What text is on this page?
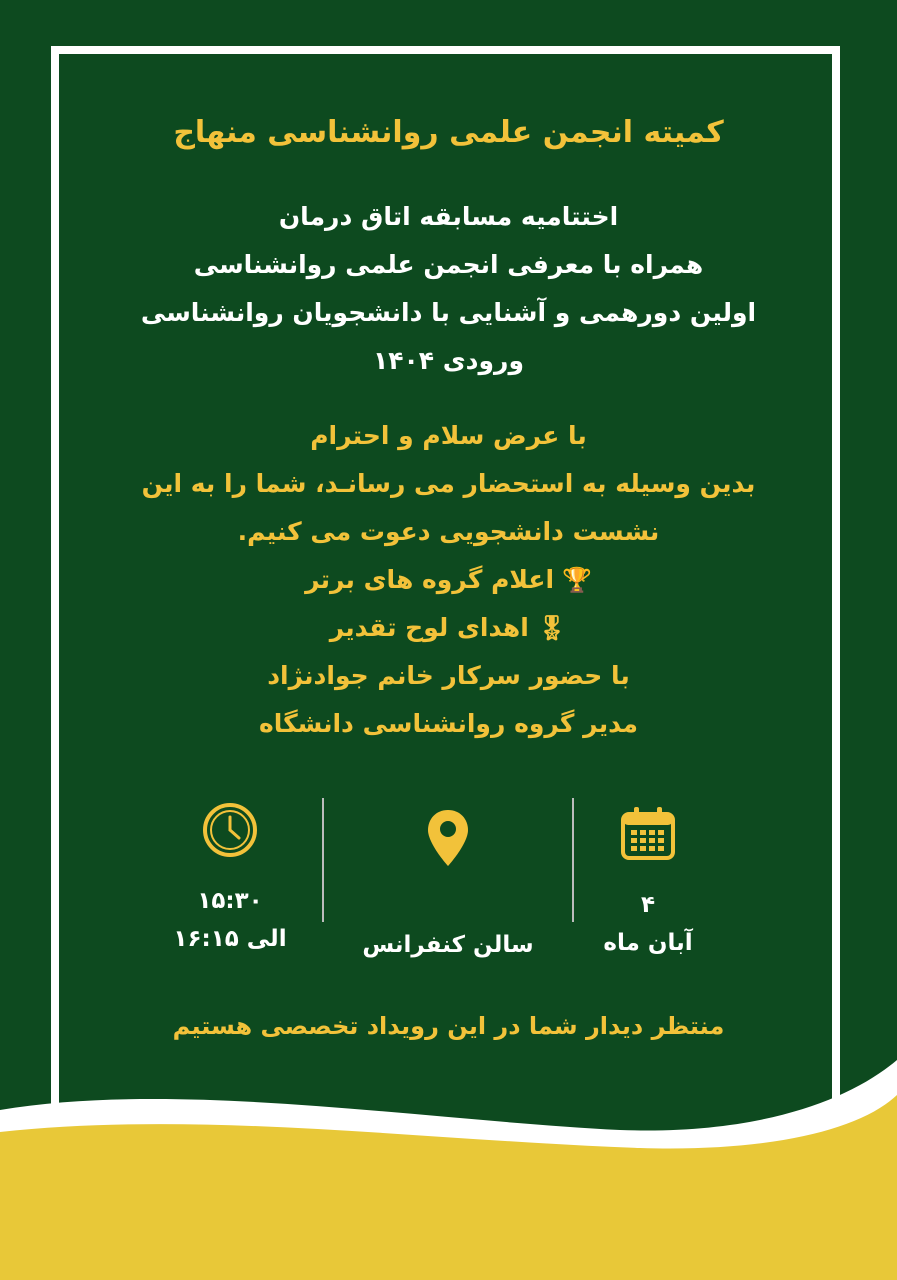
کمیته انجمن علمی روانشناسی منهاج
اختتامیه مسابقه اتاق درمان
همراه با معرفی انجمن علمی روانشناسی
اولین دورهمی و آشنایی با دانشجویان روانشناسی
ورودی ۱۴۰۴
با عرض سلام و احترام
بدین وسیله به استحضار می رسانـد، شما را به این
نشست دانشجویی دعوت می کنیم.
🏆اعلام گروه های برتر
🎖اهدای لوح تقدیر
با حضور سرکار خانم جوادنژاد
مدیر گروه روانشناسی دانشگاه
۱۵:۳۰
الی ۱۶:۱۵	سالن کنفرانس
۴
آبان ماه
منتظر دیدار شما در این رویداد تخصصی هستیم
